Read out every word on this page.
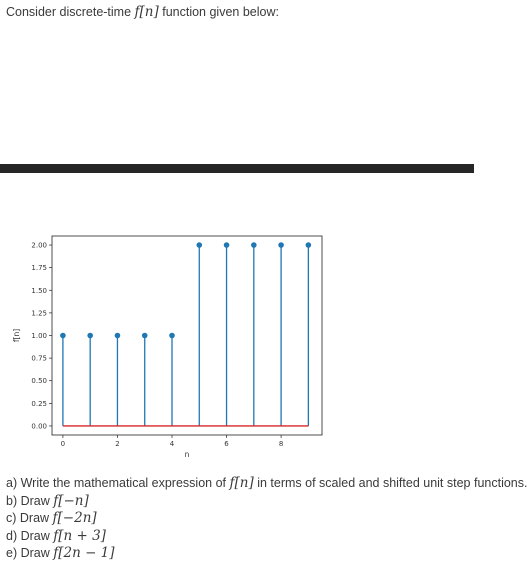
Consider discrete-time f[n] function given below:
0.00
0.25
0.50
0.75
1.00
1.25
1.50
1.75
2.00
0	2	4	6	8
n
f[n]
a) Write the mathematical expression of f[n] in terms of scaled and shifted unit step functions.
b) Draw f[−n]
c) Draw f[−2n]
d) Draw f[n + 3]
e) Draw f[2n − 1]
